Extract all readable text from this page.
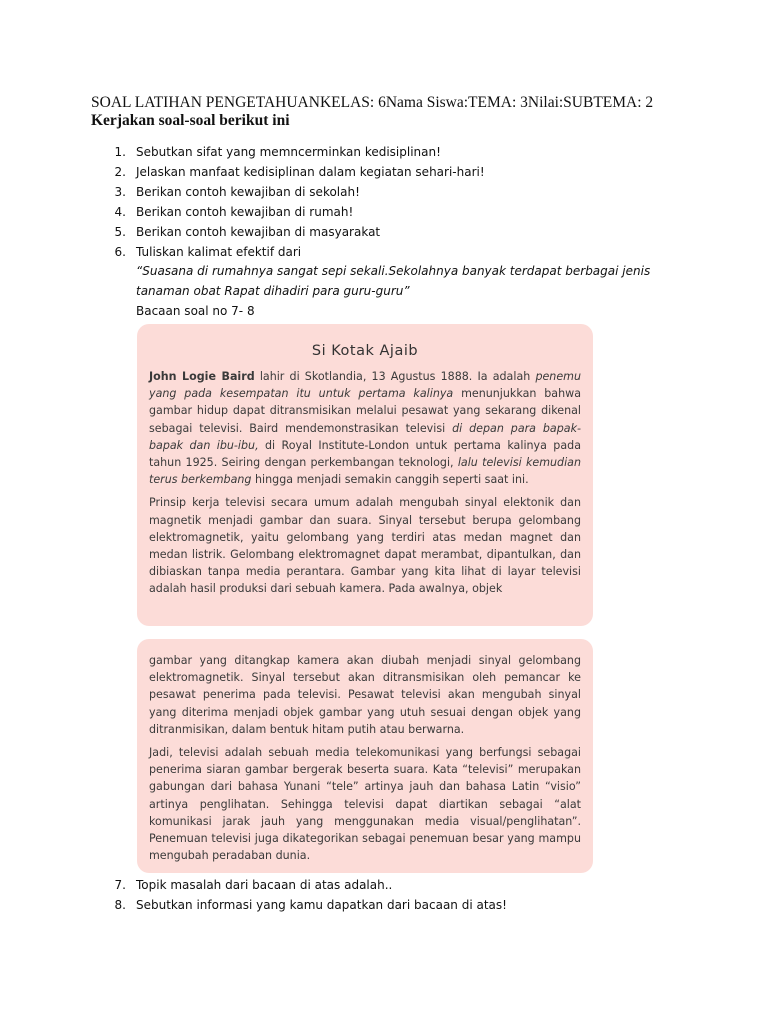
SOAL LATIHAN PENGETAHUANKELAS: 6Nama Siswa:TEMA: 3Nilai:SUBTEMA: 2
Kerjakan soal-soal berikut ini
1. Sebutkan sifat yang memncerminkan kedisiplinan!
2. Jelaskan manfaat kedisiplinan dalam kegiatan sehari-hari!
3. Berikan contoh kewajiban di sekolah!
4. Berikan contoh kewajiban di rumah!
5. Berikan contoh kewajiban di masyarakat
6. Tuliskan kalimat efektif dari
“Suasana di rumahnya sangat sepi sekali.Sekolahnya banyak terdapat berbagai jenis tanaman obat Rapat dihadiri para guru-guru”
Bacaan soal no 7- 8
Si Kotak Ajaib

John Logie Baird lahir di Skotlandia, 13 Agustus 1888. Ia adalah penemu yang pada kesempatan itu untuk pertama kalinya menunjukkan bahwa gambar hidup dapat ditransmisikan melalui pesawat yang sekarang dikenal sebagai televisi. Baird mendemonstrasikan televisi di depan para bapak-bapak dan ibu-ibu, di Royal Institute-London untuk pertama kalinya pada tahun 1925. Seiring dengan perkembangan teknologi, lalu televisi kemudian terus berkembang hingga menjadi semakin canggih seperti saat ini.

Prinsip kerja televisi secara umum adalah mengubah sinyal elektonik dan magnetik menjadi gambar dan suara. Sinyal tersebut berupa gelombang elektromagnetik, yaitu gelombang yang terdiri atas medan magnet dan medan listrik. Gelombang elektromagnet dapat merambat, dipantulkan, dan dibiaskan tanpa media perantara. Gambar yang kita lihat di layar televisi adalah hasil produksi dari sebuah kamera. Pada awalnya, objek

gambar yang ditangkap kamera akan diubah menjadi sinyal gelombang elektromagnetik. Sinyal tersebut akan ditransmisikan oleh pemancar ke pesawat penerima pada televisi. Pesawat televisi akan mengubah sinyal yang diterima menjadi objek gambar yang utuh sesuai dengan objek yang ditranmisikan, dalam bentuk hitam putih atau berwarna.

Jadi, televisi adalah sebuah media telekomunikasi yang berfungsi sebagai penerima siaran gambar bergerak beserta suara. Kata “televisi” merupakan gabungan dari bahasa Yunani “tele” artinya jauh dan bahasa Latin “visio” artinya penglihatan. Sehingga televisi dapat diartikan sebagai “alat komunikasi jarak jauh yang menggunakan media visual/penglihatan”. Penemuan televisi juga dikategorikan sebagai penemuan besar yang mampu mengubah peradaban dunia.

7. Topik masalah dari bacaan di atas adalah..
8. Sebutkan informasi yang kamu dapatkan dari bacaan di atas!
